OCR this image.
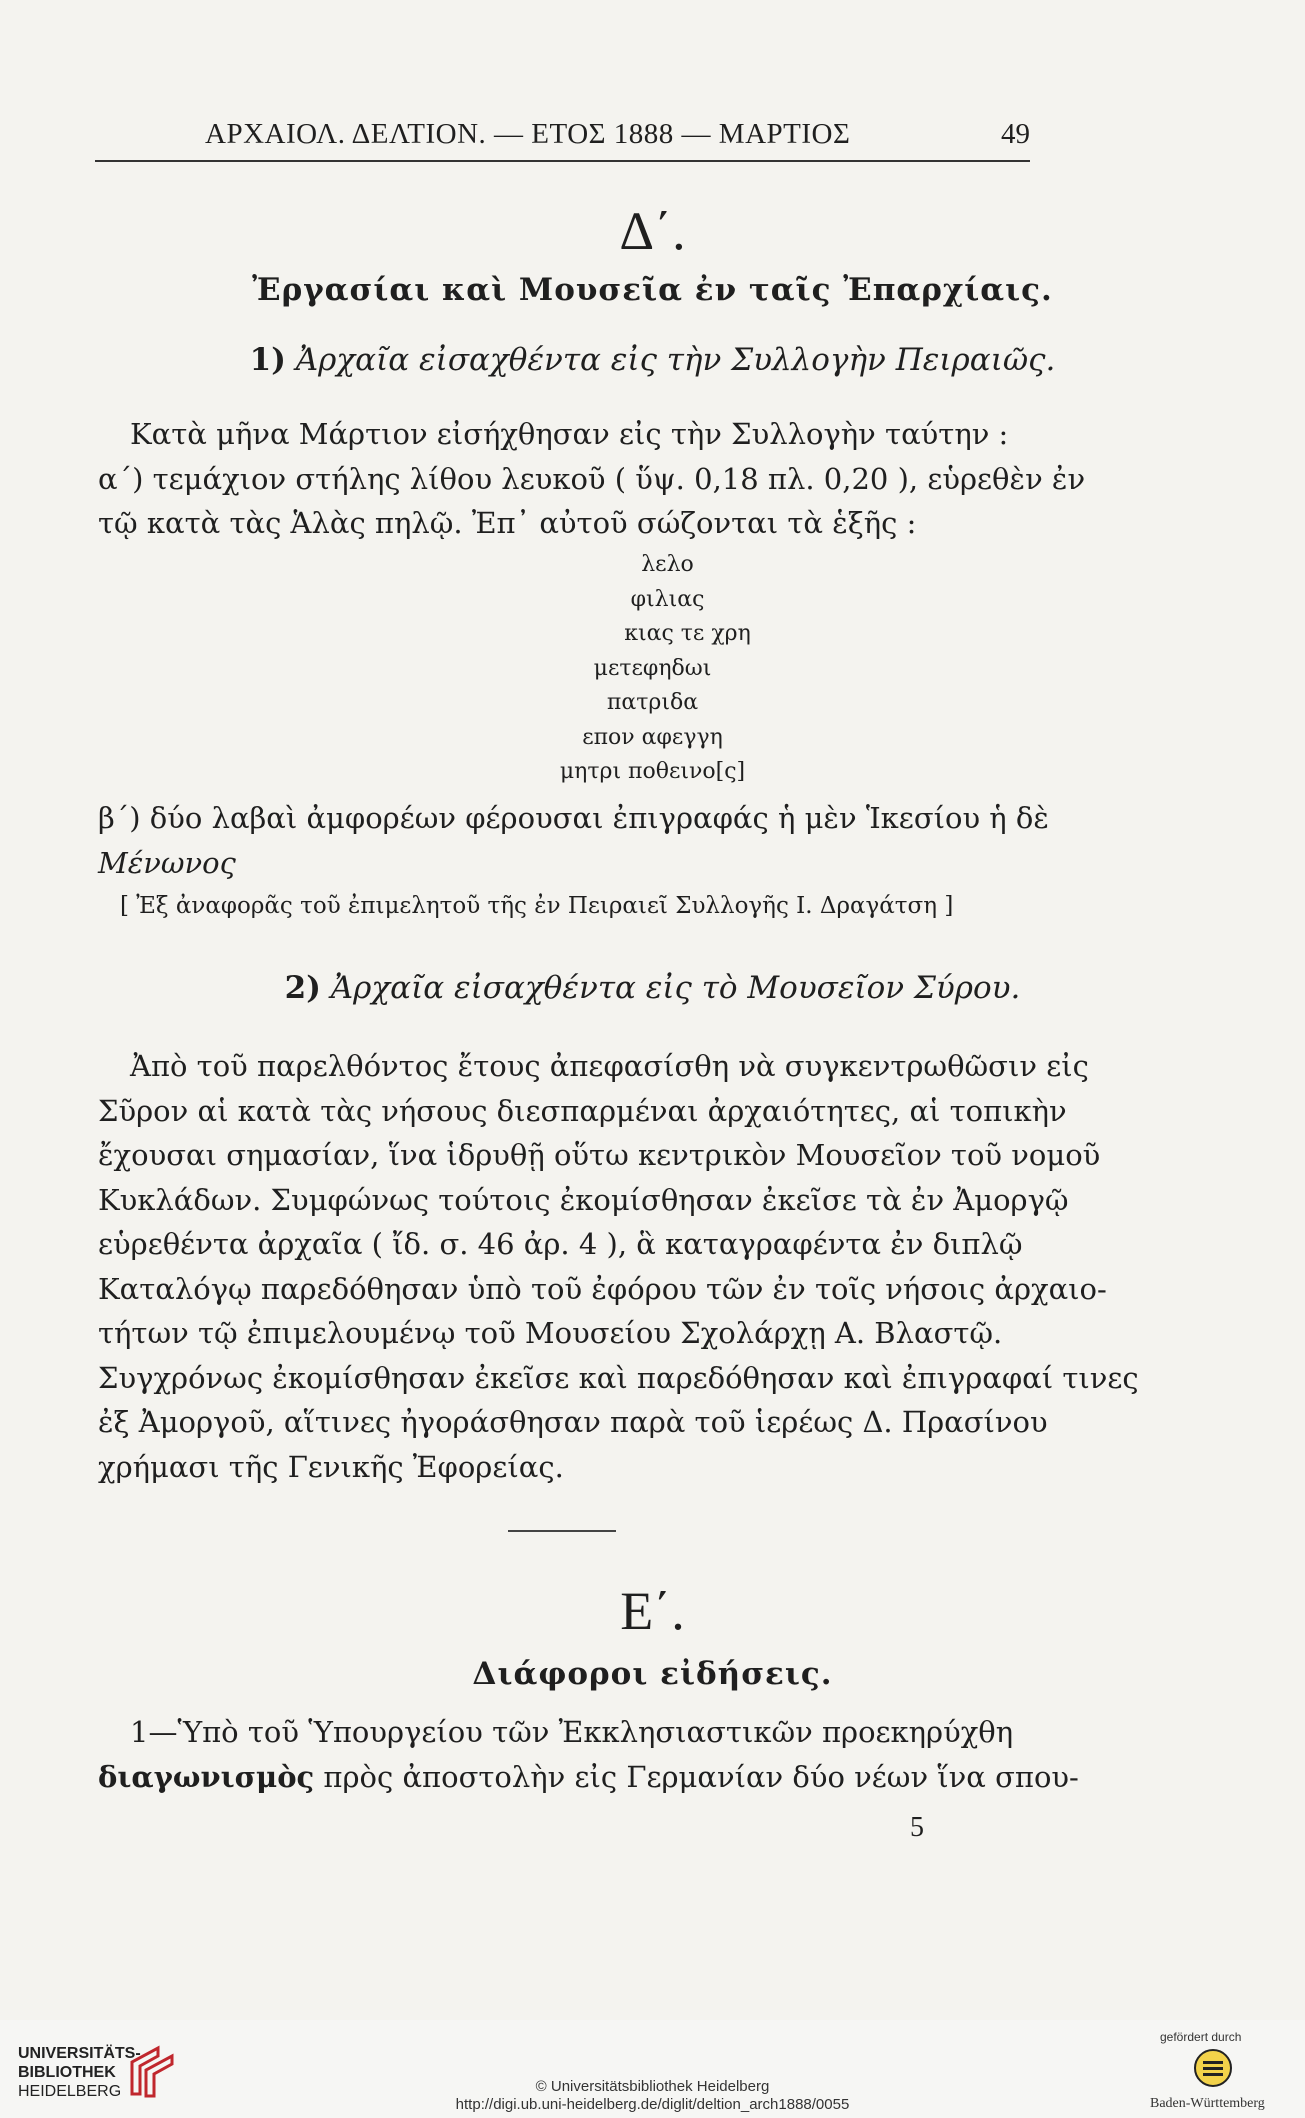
ΑΡΧΑΙΟΛ. ΔΕΛΤΙΟΝ. — ΕΤΟΣ 1888 — ΜΑΡΤΙΟΣ	49
Δ΄.
Ἐργασίαι καὶ Μουσεῖα ἐν ταῖς Ἐπαρχίαις.
1) Ἀρχαῖα εἰσαχθέντα εἰς τὴν Συλλογὴν Πειραιῶς.
Κατὰ μῆνα Μάρτιον εἰσήχθησαν εἰς τὴν Συλλογὴν ταύτην :
α΄) τεμάχιον στήλης λίθου λευκοῦ ( ὕψ. 0,18 πλ. 0,20 ), εὑρεθὲν ἐν
τῷ κατὰ τὰς Ἁλὰς πηλῷ. Ἐπ᾽ αὐτοῦ σώζονται τὰ ἑξῆς :
λελο
φιλιας
κιας τε χρη
μετεφηδωι
πατριδα
επον αφεγγη
μητρι ποθεινο[ς]
β΄) δύο λαβαὶ ἀμφορέων φέρουσαι ἐπιγραφάς ἡ μὲν Ἱκεσίου ἡ δὲ
Μένωνος
[ Ἐξ ἀναφορᾶς τοῦ ἐπιμελητοῦ τῆς ἐν Πειραιεῖ Συλλογῆς Ι. Δραγάτση ]
2) Ἀρχαῖα εἰσαχθέντα εἰς τὸ Μουσεῖον Σύρου.
Ἀπὸ τοῦ παρελθόντος ἔτους ἀπεφασίσθη νὰ συγκεντρωθῶσιν εἰς
Σῦρον αἱ κατὰ τὰς νήσους διεσπαρμέναι ἀρχαιότητες, αἱ τοπικὴν
ἔχουσαι σημασίαν, ἵνα ἱδρυθῇ οὕτω κεντρικὸν Μουσεῖον τοῦ νομοῦ
Κυκλάδων. Συμφώνως τούτοις ἐκομίσθησαν ἐκεῖσε τὰ ἐν Ἀμοργῷ
εὑρεθέντα ἀρχαῖα ( ἴδ. σ. 46 ἀρ. 4 ), ἃ καταγραφέντα ἐν διπλῷ
Καταλόγῳ παρεδόθησαν ὑπὸ τοῦ ἐφόρου τῶν ἐν τοῖς νήσοις ἀρχαιο-
τήτων τῷ ἐπιμελουμένῳ τοῦ Μουσείου Σχολάρχῃ Α. Βλαστῷ.
Συγχρόνως ἐκομίσθησαν ἐκεῖσε καὶ παρεδόθησαν καὶ ἐπιγραφαί τινες
ἐξ Ἀμοργοῦ, αἵτινες ἠγοράσθησαν παρὰ τοῦ ἱερέως Δ. Πρασίνου
χρήμασι τῆς Γενικῆς Ἐφορείας.
Ε΄.
Διάφοροι εἰδήσεις.
1—Ὑπὸ τοῦ Ὑπουργείου τῶν Ἐκκλησιαστικῶν προεκηρύχθη
διαγωνισμὸς πρὸς ἀποστολὴν εἰς Γερμανίαν δύο νέων ἵνα σπου-
5
UNIVERSITÄTS-
BIBLIOTHEK
HEIDELBERG	© Universitätsbibliothek Heidelberg
http://digi.ub.uni-heidelberg.de/diglit/deltion_arch1888/0055
gefördert durch
Baden-Württemberg
